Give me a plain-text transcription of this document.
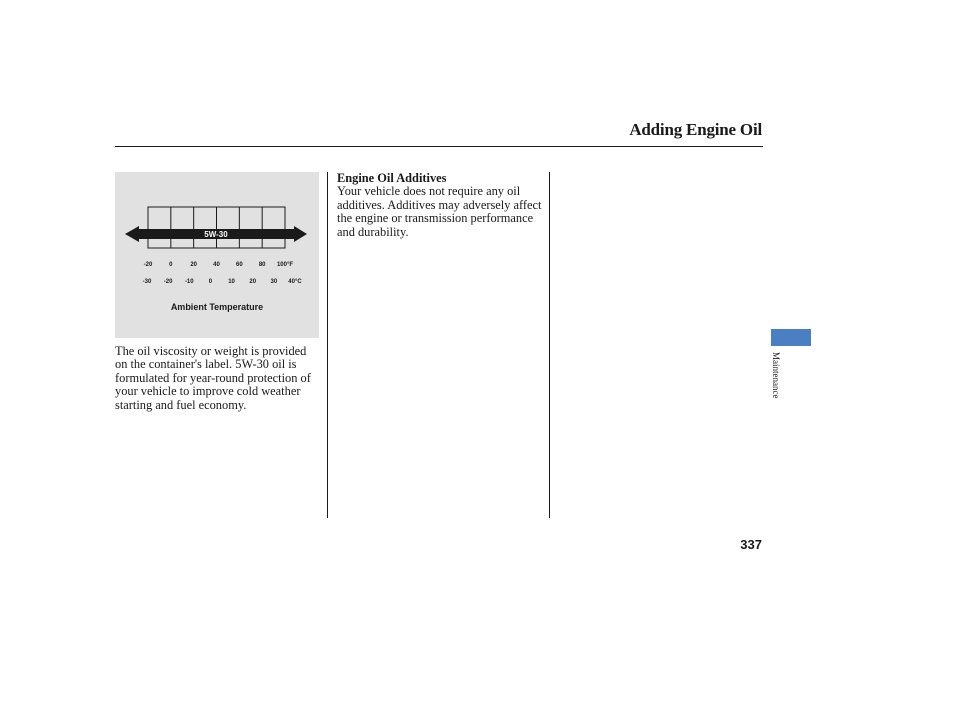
Adding Engine Oil
5W-30
-20	0	20	40	60	80 100°F
-30 -20 -10	0	10 20 30 40°C
Ambient Temperature

The oil viscosity or weight is provided on the container's label. 5W-30 oil is formulated for year-round protection of your vehicle to improve cold weather starting and fuel economy.

Engine Oil Additives

Your vehicle does not require any oil additives. Additives may adversely affect the engine or transmission performance and durability.

Maintenance
337
